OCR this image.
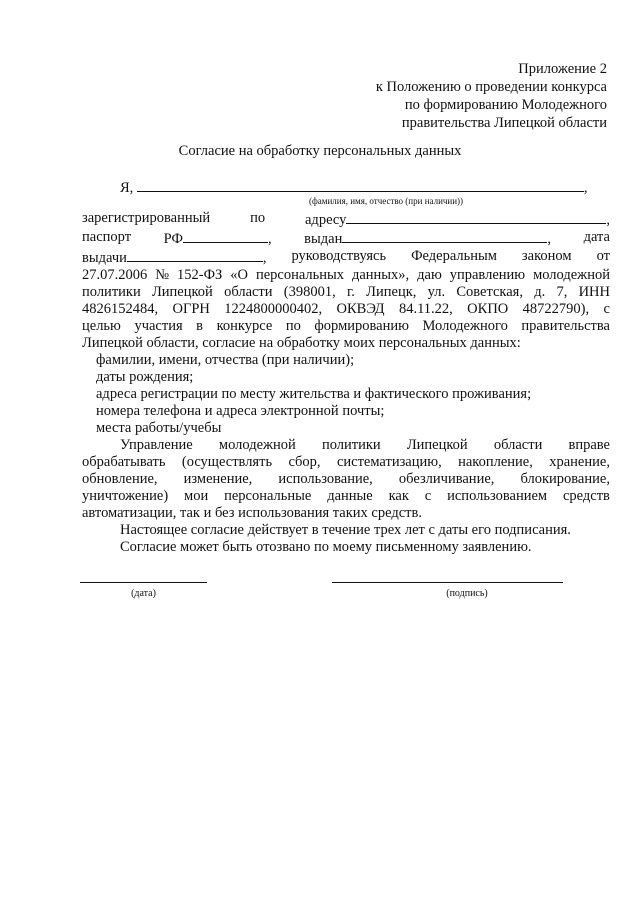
Приложение 2
к Положению о проведении конкурса
по формированию Молодежного
правительства Липецкой области
Согласие на обработку персональных данных
Я,	,
(фамилия, имя, отчество (при наличии))
зарегистрированный	по	адресу	,
паспорт РФ	, выдан	, дата
выдачи	, руководствуясь Федеральным законом от
27.07.2006 № 152-ФЗ «О персональных данных», даю управлению молодежной
политики Липецкой области (398001, г. Липецк, ул. Советская, д. 7, ИНН
4826152484, ОГРН 1224800000402, ОКВЭД 84.11.22, ОКПО 48722790), с
целью участия в конкурсе по формированию Молодежного правительства
Липецкой области, согласие на обработку моих персональных данных:
фамилии, имени, отчества (при наличии);
даты рождения;
адреса регистрации по месту жительства и фактического проживания;
номера телефона и адреса электронной почты;
места работы/учебы
Управление молодежной политики Липецкой области вправе
обрабатывать (осуществлять сбор, систематизацию, накопление, хранение,
обновление, изменение, использование, обезличивание, блокирование,
уничтожение) мои персональные данные как с использованием средств
автоматизации, так и без использования таких средств.
Настоящее согласие действует в течение трех лет с даты его подписания.
Согласие может быть отозвано по моему письменному заявлению.
(дата)	(подпись)
